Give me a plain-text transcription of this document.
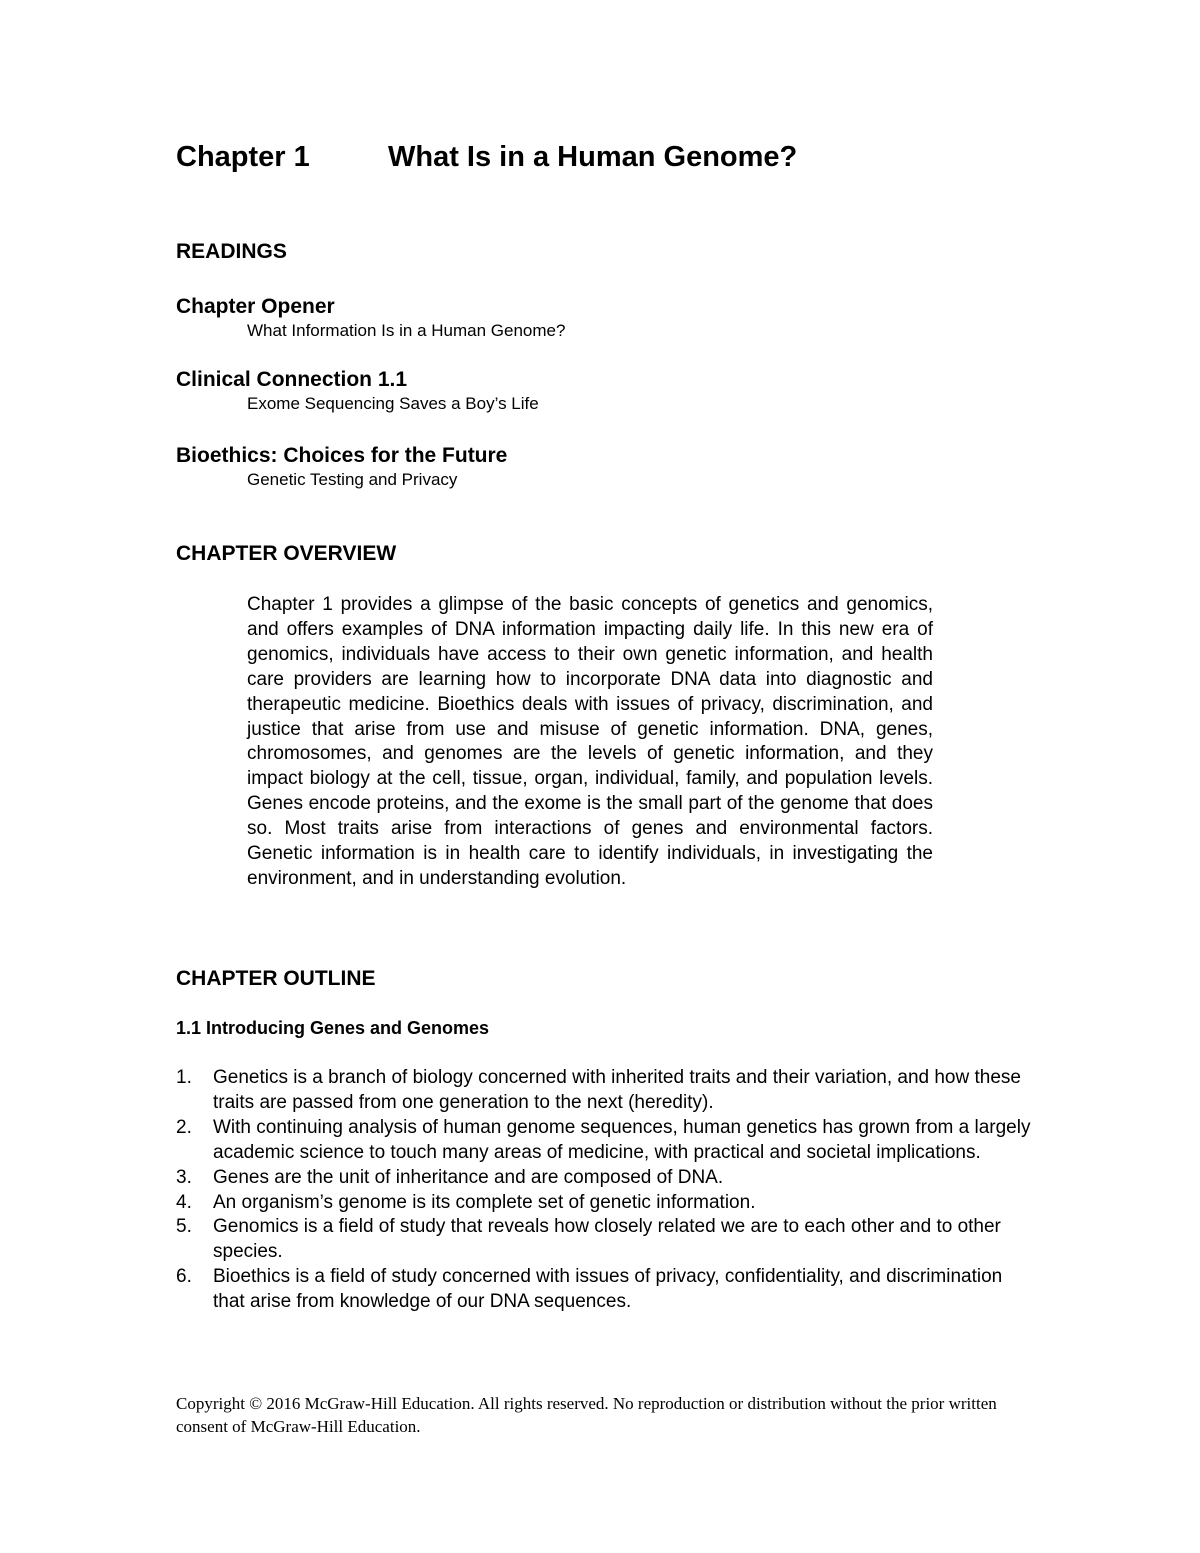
Chapter 1	What Is in a Human Genome?
READINGS
Chapter Opener
What Information Is in a Human Genome?
Clinical Connection 1.1
Exome Sequencing Saves a Boy’s Life
Bioethics: Choices for the Future
Genetic Testing and Privacy
CHAPTER OVERVIEW

Chapter 1 provides a glimpse of the basic concepts of genetics and genomics, and offers examples of DNA information impacting daily life. In this new era of genomics, individuals have access to their own genetic information, and health care providers are learning how to incorporate DNA data into diagnostic and therapeutic medicine. Bioethics deals with issues of privacy, discrimination, and justice that arise from use and misuse of genetic information. DNA, genes, chromosomes, and genomes are the levels of genetic information, and they impact biology at the cell, tissue, organ, individual, family, and population levels. Genes encode proteins, and the exome is the small part of the genome that does so. Most traits arise from interactions of genes and environmental factors. Genetic information is in health care to identify individuals, in investigating the environment, and in understanding evolution.

CHAPTER OUTLINE
1.1 Introducing Genes and Genomes
1. Genetics is a branch of biology concerned with inherited traits and their variation, and how these traits are passed from one generation to the next (heredity).
2. With continuing analysis of human genome sequences, human genetics has grown from a largely academic science to touch many areas of medicine, with practical and societal implications.
3. Genes are the unit of inheritance and are composed of DNA.
4. An organism’s genome is its complete set of genetic information.
5. Genomics is a field of study that reveals how closely related we are to each other and to other species.
6. Bioethics is a field of study concerned with issues of privacy, confidentiality, and discrimination that arise from knowledge of our DNA sequences.

Copyright © 2016 McGraw-Hill Education. All rights reserved. No reproduction or distribution without the prior written consent of McGraw-Hill Education.
